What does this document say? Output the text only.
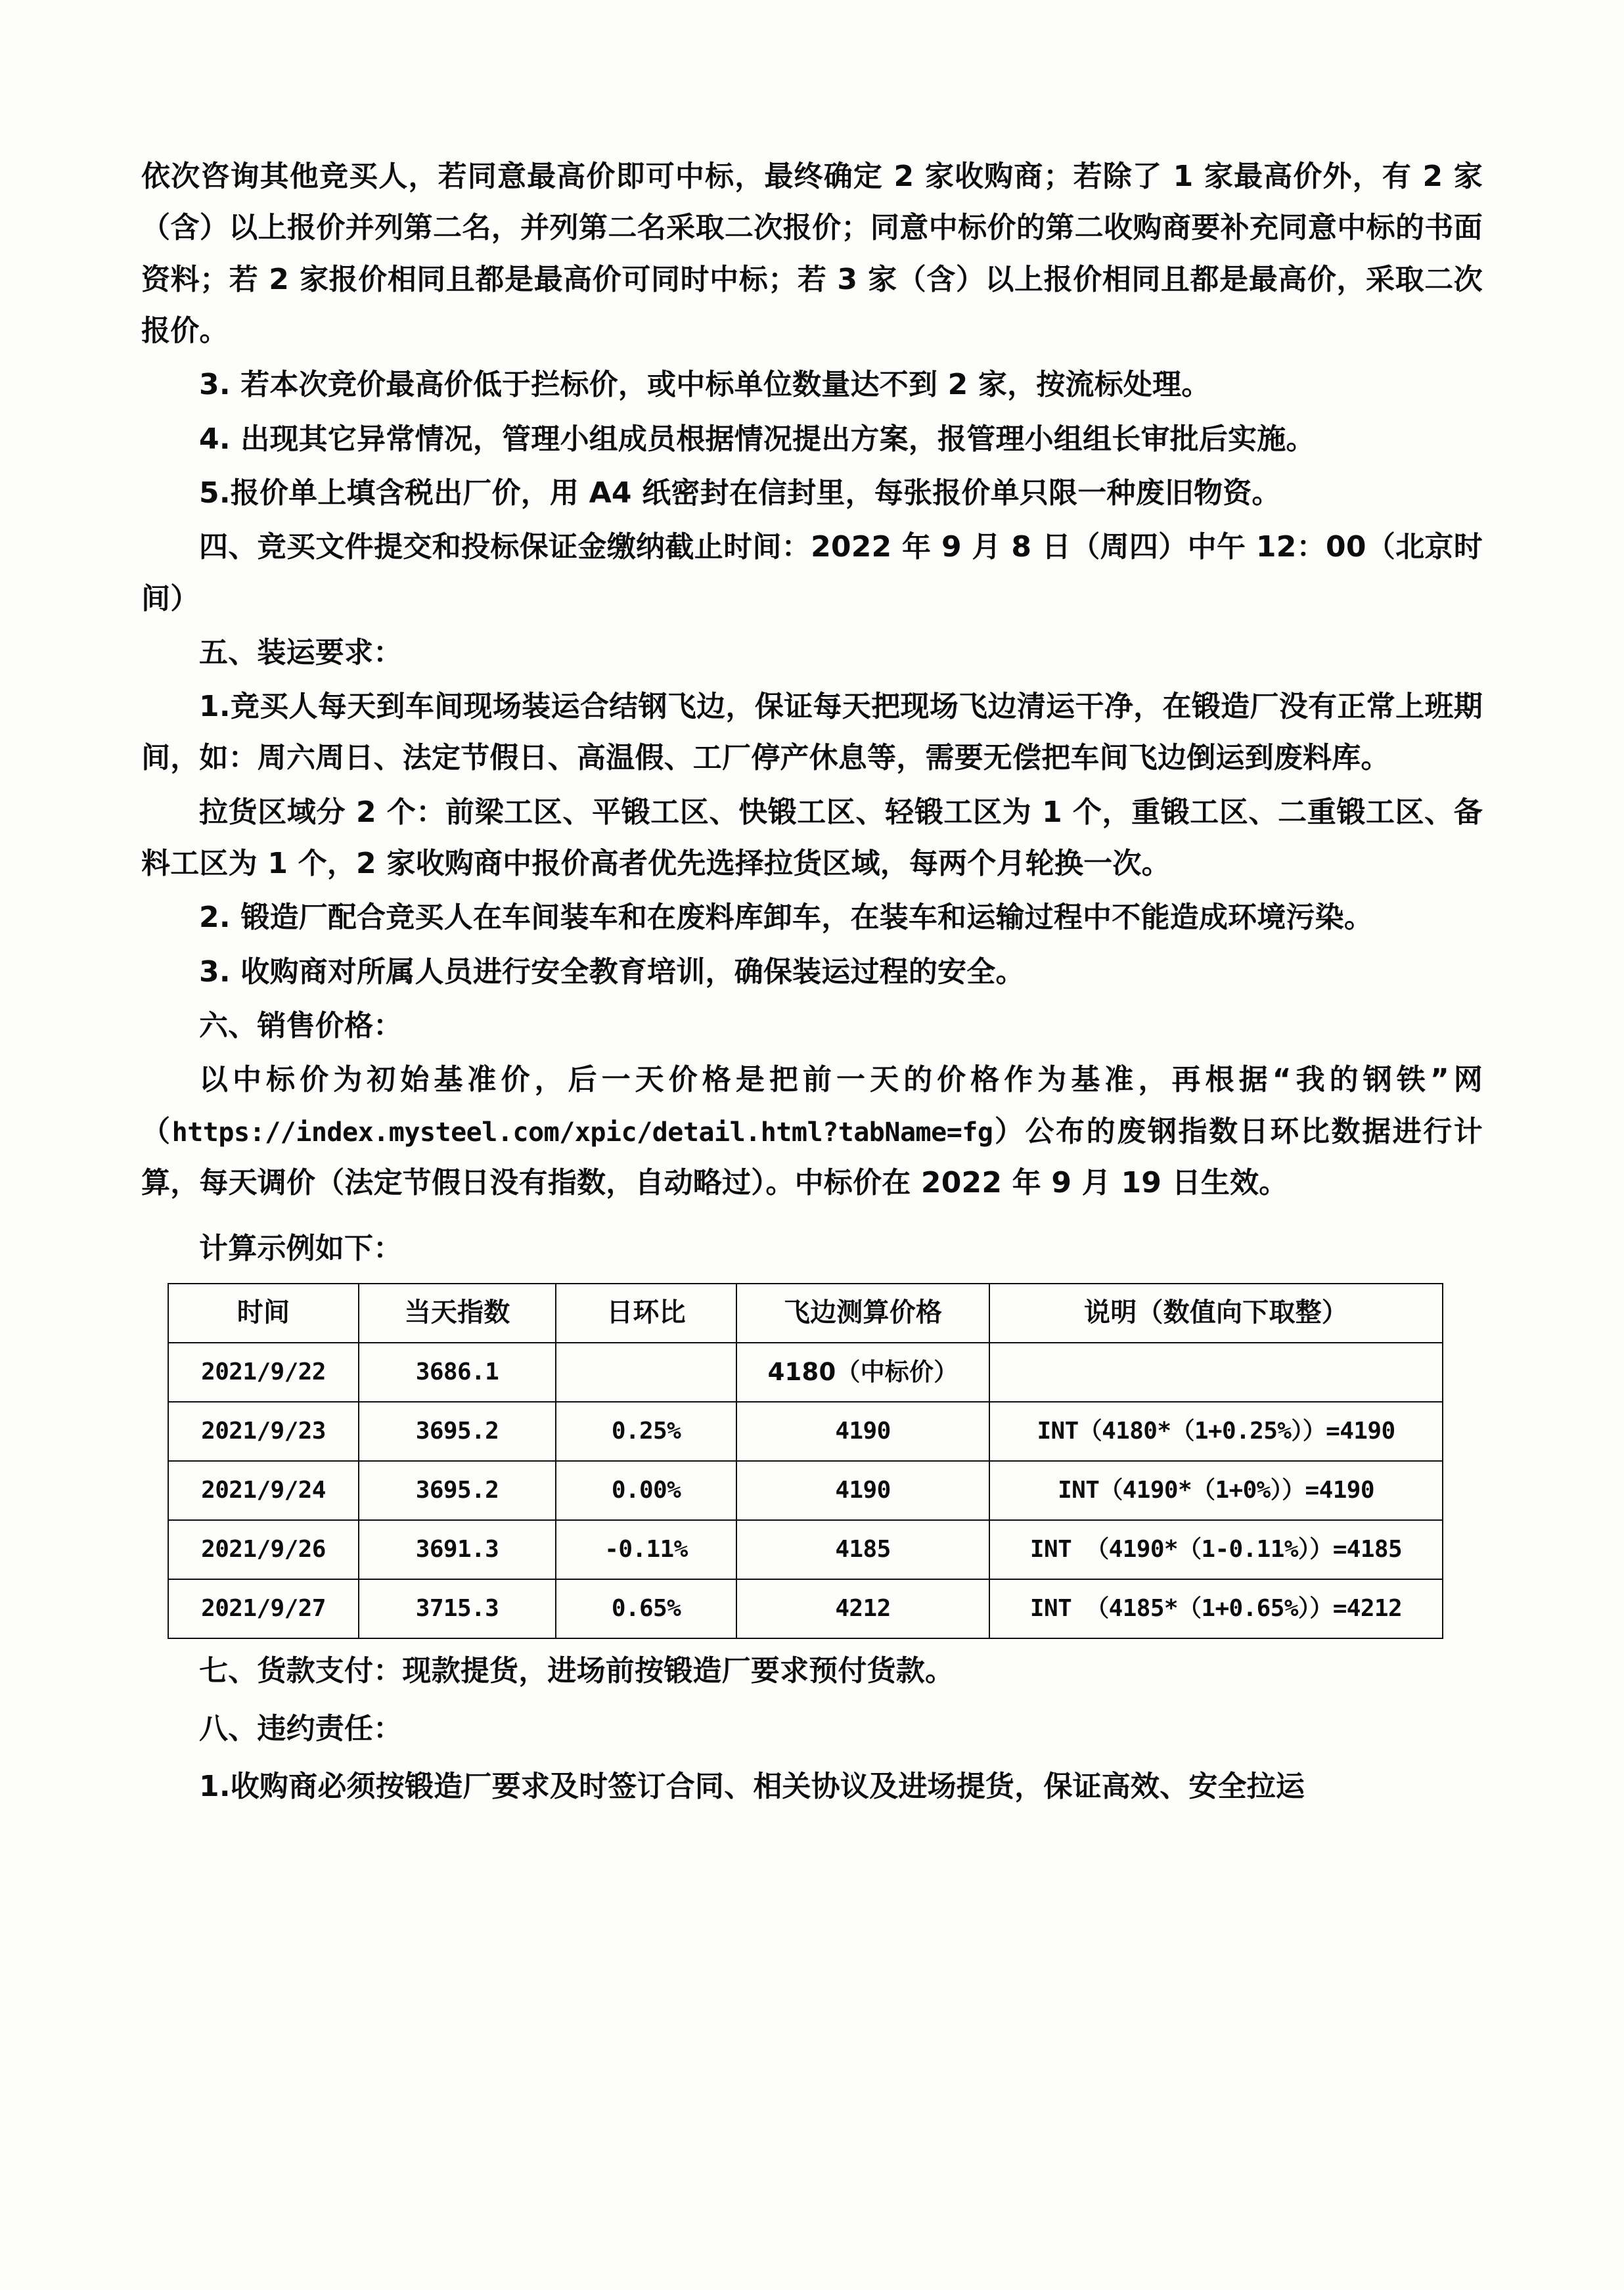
依次咨询其他竞买人，若同意最高价即可中标，最终确定 2 家收购商；若除了 1 家最高价外，有 2 家（含）以上报价并列第二名，并列第二名采取二次报价；同意中标价的第二收购商要补充同意中标的书面资料；若 2 家报价相同且都是最高价可同时中标；若 3 家（含）以上报价相同且都是最高价，采取二次报价。

3. 若本次竞价最高价低于拦标价，或中标单位数量达不到 2 家，按流标处理。

4. 出现其它异常情况，管理小组成员根据情况提出方案，报管理小组组长审批后实施。

5.报价单上填含税出厂价，用 A4 纸密封在信封里，每张报价单只限一种废旧物资。

四、竞买文件提交和投标保证金缴纳截止时间：2022 年 9 月 8 日（周四）中午 12：00（北京时间）

五、装运要求：

1.竞买人每天到车间现场装运合结钢飞边，保证每天把现场飞边清运干净，在锻造厂没有正常上班期间，如：周六周日、法定节假日、高温假、工厂停产休息等，需要无偿把车间飞边倒运到废料库。

拉货区域分 2 个：前梁工区、平锻工区、快锻工区、轻锻工区为 1 个，重锻工区、二重锻工区、备料工区为 1 个，2 家收购商中报价高者优先选择拉货区域，每两个月轮换一次。

2. 锻造厂配合竞买人在车间装车和在废料库卸车，在装车和运输过程中不能造成环境污染。

3. 收购商对所属人员进行安全教育培训，确保装运过程的安全。

六、销售价格：

以中标价为初始基准价，后一天价格是把前一天的价格作为基准，再根据“我的钢铁”网（https://index.mysteel.com/xpic/detail.html?tabName=fg）公布的废钢指数日环比数据进行计算，每天调价（法定节假日没有指数，自动略过）。中标价在 2022 年 9 月 19 日生效。

计算示例如下：

时间	当天指数	日环比	飞边测算价格	说明（数值向下取整）
2021/9/22	3686.1		4180（中标价）	
2021/9/23	3695.2	0.25%	4190	INT（4180*（1+0.25%））=4190
2021/9/24	3695.2	0.00%	4190	INT（4190*（1+0%））=4190
2021/9/26	3691.3	-0.11%	4185	INT （4190*（1-0.11%））=4185
2021/9/27	3715.3	0.65%	4212	INT （4185*（1+0.65%））=4212

七、货款支付：现款提货，进场前按锻造厂要求预付货款。

八、违约责任：

1.收购商必须按锻造厂要求及时签订合同、相关协议及进场提货，保证高效、安全拉运
